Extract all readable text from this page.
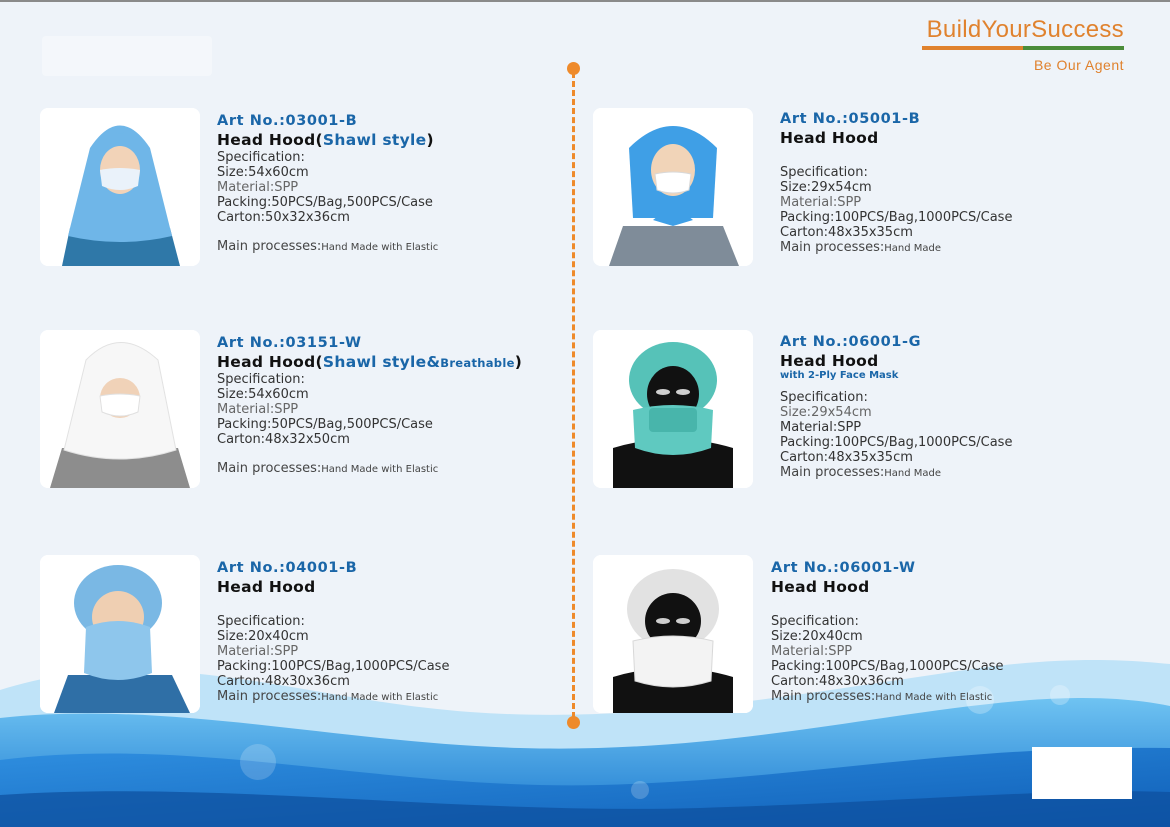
BuildYourSuccess
Be Our Agent
Art No.:03001-B
Head Hood(Shawl style)
Specification:
Size:54x60cm
Material:SPP
Packing:50PCS/Bag,500PCS/Case
Carton:50x32x36cm
Main processes:Hand Made with Elastic
Art No.:03151-W
Head Hood(Shawl style&Breathable)
Specification:
Size:54x60cm
Material:SPP
Packing:50PCS/Bag,500PCS/Case
Carton:48x32x50cm
Main processes:Hand Made with Elastic
Art No.:04001-B
Head Hood
Specification:
Size:20x40cm
Material:SPP
Packing:100PCS/Bag,1000PCS/Case
Carton:48x30x36cm
Main processes:Hand Made with Elastic
Art No.:05001-B
Head Hood
Specification:
Size:29x54cm
Material:SPP
Packing:100PCS/Bag,1000PCS/Case
Carton:48x35x35cm
Main processes:Hand Made
Art No.:06001-G
Head Hood
with 2-Ply Face Mask
Specification:
Size:29x54cm
Material:SPP
Packing:100PCS/Bag,1000PCS/Case
Carton:48x35x35cm
Main processes:Hand Made
Art No.:06001-W
Head Hood
Specification:
Size:20x40cm
Material:SPP
Packing:100PCS/Bag,1000PCS/Case
Carton:48x30x36cm
Main processes:Hand Made with Elastic
